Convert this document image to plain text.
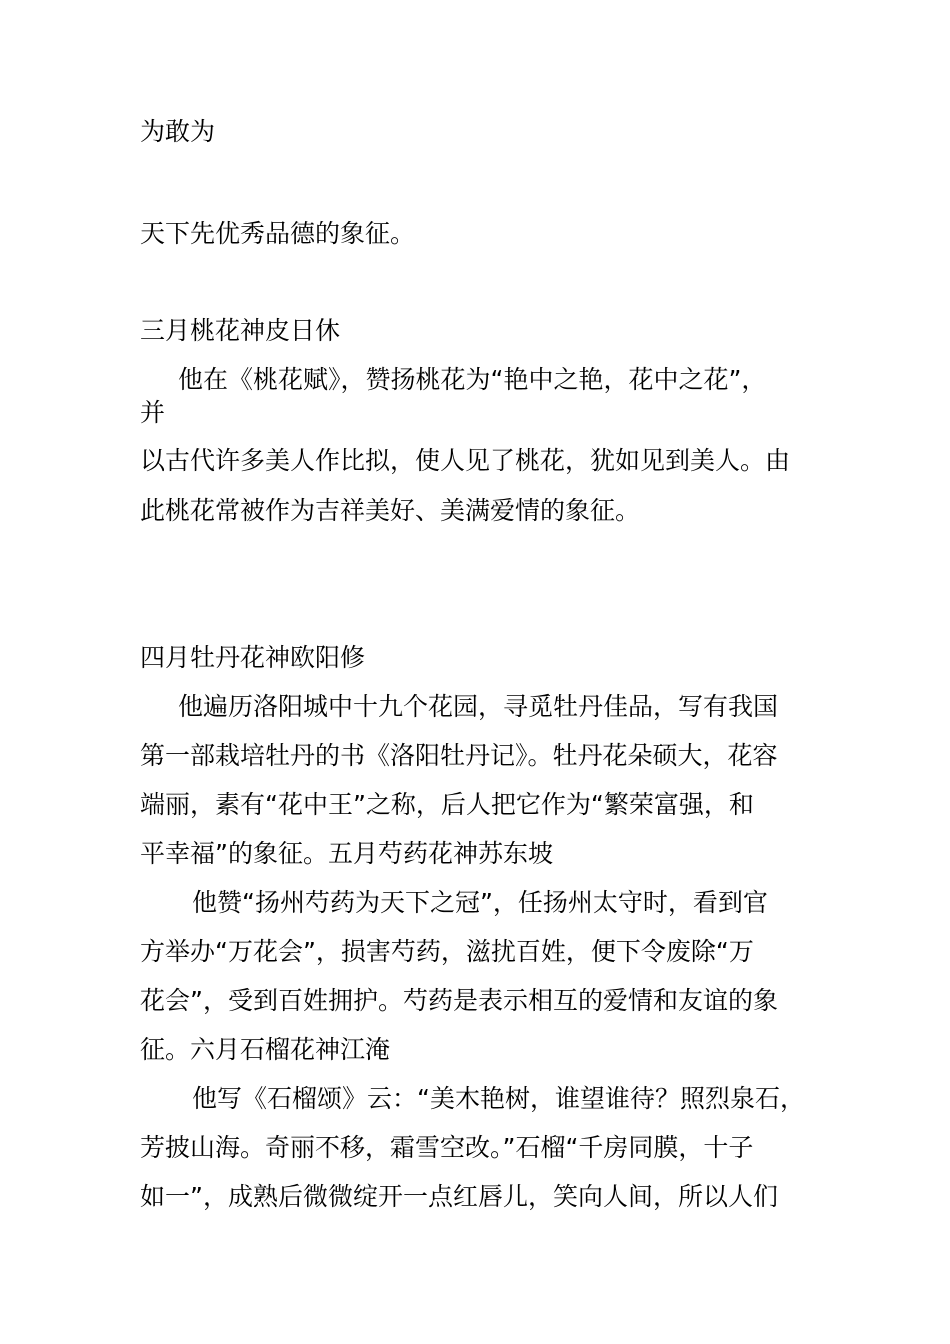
为敢为
天下先优秀品德的象征。
三月桃花神皮日休
他在《桃花赋》，赞扬桃花为“艳中之艳，花中之花”，
并
以古代许多美人作比拟，使人见了桃花，犹如见到美人。由
此桃花常被作为吉祥美好、美满爱情的象征。
四月牡丹花神欧阳修
他遍历洛阳城中十九个花园，寻觅牡丹佳品，写有我国
第一部栽培牡丹的书《洛阳牡丹记》。牡丹花朵硕大，花容
端丽，素有“花中王”之称，后人把它作为“繁荣富强，和
平幸福”的象征。五月芍药花神苏东坡
他赞“扬州芍药为天下之冠”，任扬州太守时，看到官
方举办“万花会”，损害芍药，滋扰百姓，便下令废除“万
花会”，受到百姓拥护。芍药是表示相互的爱情和友谊的象
征。六月石榴花神江淹
他写《石榴颂》云：“美木艳树，谁望谁待？照烈泉石，
芳披山海。奇丽不移，霜雪空改。”石榴“千房同膜，十子
如一”，成熟后微微绽开一点红唇儿，笑向人间，所以人们
